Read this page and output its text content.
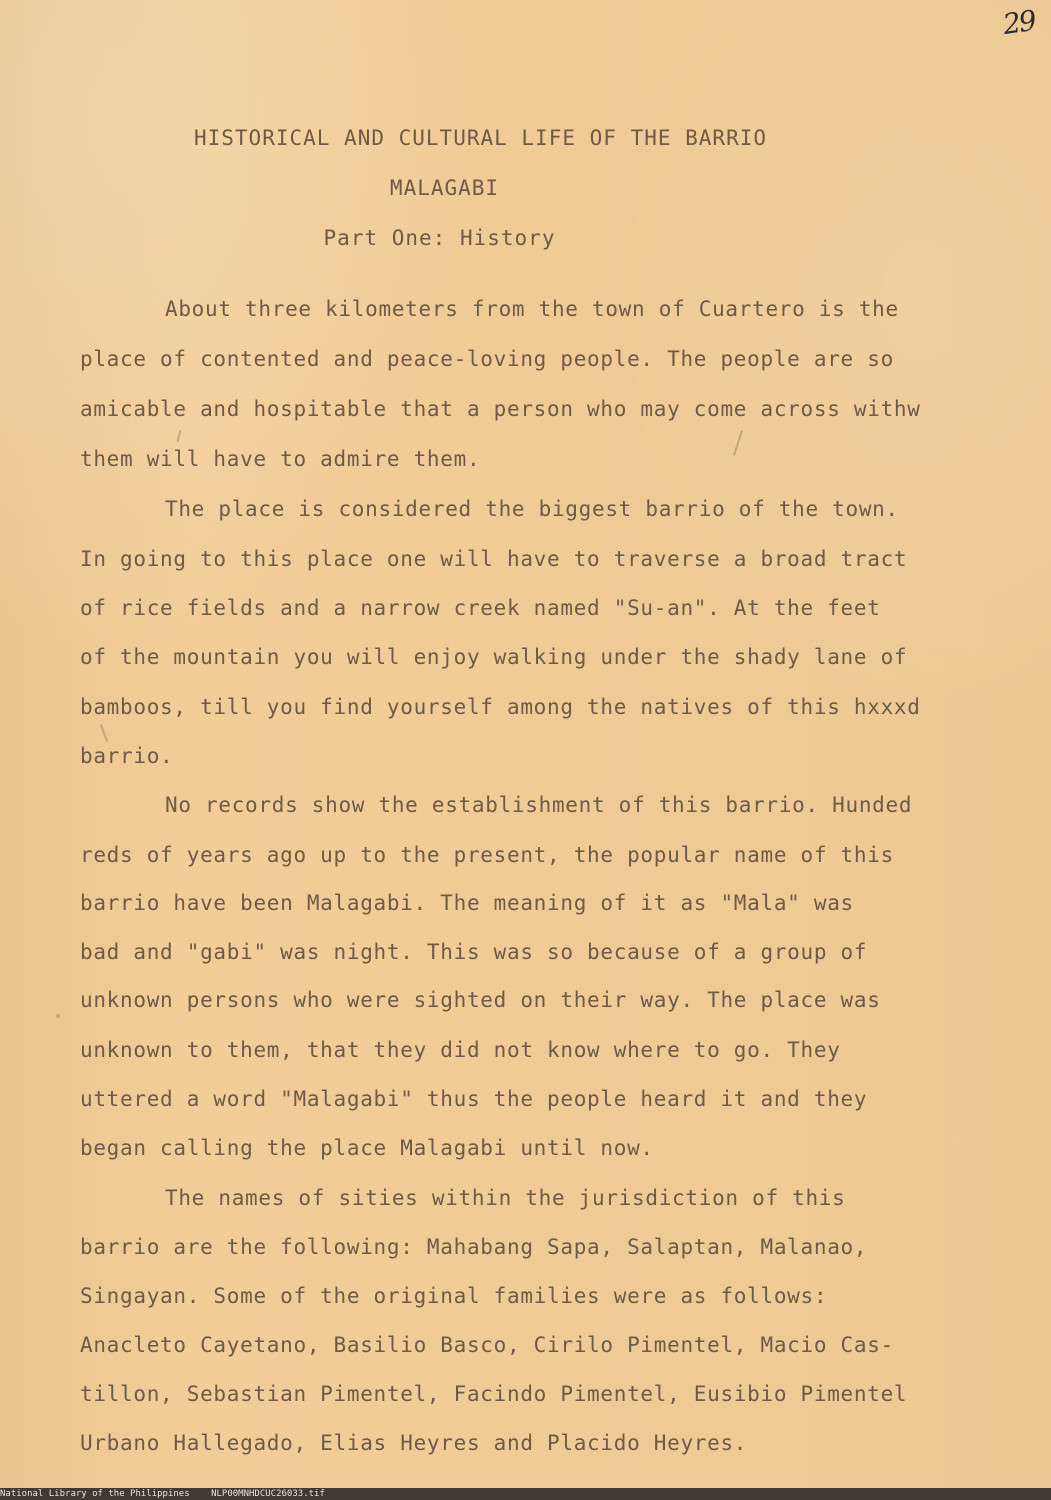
29
HISTORICAL AND CULTURAL LIFE OF THE BARRIO
MALAGABI
Part One: History
About three kilometers from the town of Cuartero is the
place of contented and peace-loving people. The people are so
amicable and hospitable that a person who may come across withw
them will have to admire them.
The place is considered the biggest barrio of the town.
In going to this place one will have to traverse a broad tract
of rice fields and a narrow creek named "Su-an". At the feet
of the mountain you will enjoy walking under the shady lane of
bamboos, till you find yourself among the natives of this hxxxd
barrio.
No records show the establishment of this barrio. Hunded
reds of years ago up to the present, the popular name of this
barrio have been Malagabi. The meaning of it as "Mala" was
bad and "gabi" was night. This was so because of a group of
unknown persons who were sighted on their way. The place was
unknown to them, that they did not know where to go. They
uttered a word "Malagabi" thus the people heard it and they
began calling the place Malagabi until now.
The names of sities within the jurisdiction of this
barrio are the following: Mahabang Sapa, Salaptan, Malanao,
Singayan. Some of the original families were as follows:
Anacleto Cayetano, Basilio Basco, Cirilo Pimentel, Macio Cas-
tillon, Sebastian Pimentel, Facindo Pimentel, Eusibio Pimentel
Urbano Hallegado, Elias Heyres and Placido Heyres.
National Library of the Philippines NLP00MNHDCUC26033.tif
